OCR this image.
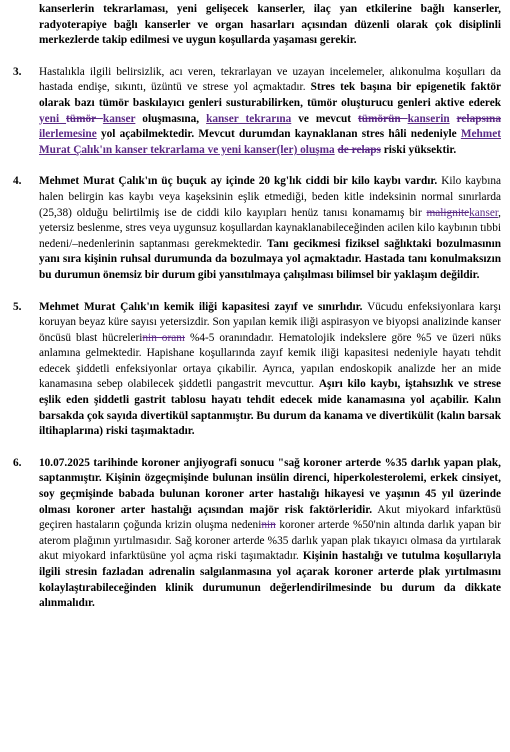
kanserlerin tekrarlaması, yeni gelişecek kanserler, ilaç yan etkilerine bağlı kanserler, radyoterapiye bağlı kanserler ve organ hasarları açısından düzenli olarak çok disiplinli merkezlerde takip edilmesi ve uygun koşullarda yaşaması gerekir.

3. Hastalıkla ilgili belirsizlik, acı veren, tekrarlayan ve uzayan incelemeler, alıkonulma koşulları da hastada endişe, sıkıntı, üzüntü ve strese yol açmaktadır. Stres tek başına bir epigenetik faktör olarak bazı tümör baskılayıcı genleri susturabilirken, tümör oluşturucu genleri aktive ederek yeni tümör kanser oluşmasına, kanser tekrarına ve mevcut tümörün kanserin relapsına ilerlemesine yol açabilmektedir. Mevcut durumdan kaynaklanan stres hâli nedeniyle Mehmet Murat Çalık'ın kanser tekrarlama ve yeni kanser(ler) oluşma de relaps riski yüksektir.

4. Mehmet Murat Çalık'ın üç buçuk ay içinde 20 kg'lık ciddi bir kilo kaybı vardır. Kilo kaybına halen belirgin kas kaybı veya kaşeksinin eşlik etmediği, beden kitle indeksinin normal sınırlarda (25,38) olduğu belirtilmiş ise de ciddi kilo kayıpları henüz tanısı konamamış bir malignitekanser, yetersiz beslenme, stres veya uygunsuz koşullardan kaynaklanabileceğinden acilen kilo kaybının tıbbi nedeni/–nedenlerinin saptanması gerekmektedir. Tanı gecikmesi fiziksel sağlıktaki bozulmasının yanı sıra kişinin ruhsal durumunda da bozulmaya yol açmaktadır. Hastada tanı konulmaksızın bu durumun önemsiz bir durum gibi yansıtılmaya çalışılması bilimsel bir yaklaşım değildir.

5. Mehmet Murat Çalık'ın kemik iliği kapasitesi zayıf ve sınırlıdır. Vücudu enfeksiyonlara karşı koruyan beyaz küre sayısı yetersizdir. Son yapılan kemik iliği aspirasyon ve biyopsi analizinde kanser öncüsü blast hücrelerinin oranı %4-5 oranındadır. Hematolojik indekslere göre %5 ve üzeri nüks anlamına gelmektedir. Hapishane koşullarında zayıf kemik iliği kapasitesi nedeniyle hayatı tehdit edecek şiddetli enfeksiyonlar ortaya çıkabilir. Ayrıca, yapılan endoskopik analizde her an mide kanamasına sebep olabilecek şiddetli pangastrit mevcuttur. Aşırı kilo kaybı, iştahsızlık ve strese eşlik eden şiddetli gastrit tablosu hayatı tehdit edecek mide kanamasına yol açabilir. Kalın barsakda çok sayıda divertikül saptanmıştır. Bu durum da kanama ve divertikülit (kalın barsak iltihaplarına) riski taşımaktadır.

6. 10.07.2025 tarihinde koroner anjiyografi sonucu "sağ koroner arterde %35 darlık yapan plak, saptanmıştır. Kişinin özgeçmişinde bulunan insülin direnci, hiperkolesterolemi, erkek cinsiyet, soy geçmişinde babada bulunan koroner arter hastalığı hikayesi ve yaşının 45 yıl üzerinde olması koroner arter hastalığı açısından majör risk faktörleridir. Akut miyokard infarktüsü geçiren hastaların çoğunda krizin oluşma nedeninin koroner arterde %50'nin altında darlık yapan bir aterom plağının yırtılmasıdır. Sağ koroner arterde %35 darlık yapan plak tıkayıcı olmasa da yırtılarak akut miyokard infarktüsüne yol açma riski taşımaktadır. Kişinin hastalığı ve tutulma koşullarıyla ilgili stresin fazladan adrenalin salgılanmasına yol açarak koroner arterde plak yırtılmasını kolaylaştırabileceğinden klinik durumunun değerlendirilmesinde bu durum da dikkate alınmalıdır.
